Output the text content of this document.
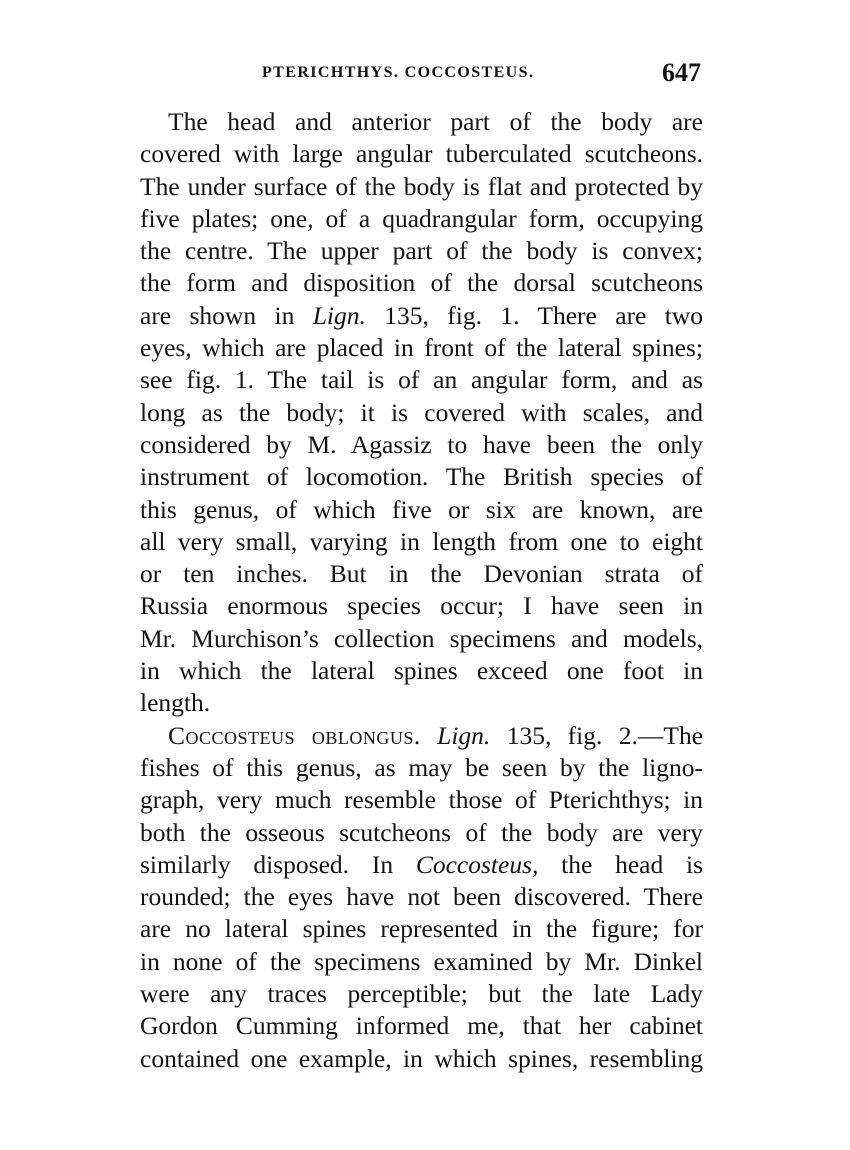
PTERICHTHYS. COCCOSTEUS.	647
The head and anterior part of the body are
covered with large angular tuberculated scutcheons.
The under surface of the body is flat and protected by
five plates; one, of a quadrangular form, occupying
the centre. The upper part of the body is convex;
the form and disposition of the dorsal scutcheons
are shown in Lign. 135, fig. 1. There are two
eyes, which are placed in front of the lateral spines;
see fig. 1. The tail is of an angular form, and as
long as the body; it is covered with scales, and
considered by M. Agassiz to have been the only
instrument of locomotion. The British species of
this genus, of which five or six are known, are
all very small, varying in length from one to eight
or ten inches. But in the Devonian strata of
Russia enormous species occur; I have seen in
Mr. Murchison’s collection specimens and models,
in which the lateral spines exceed one foot in
length.
Coccosteus oblongus. Lign. 135, fig. 2.—The
fishes of this genus, as may be seen by the ligno-
graph, very much resemble those of Pterichthys; in
both the osseous scutcheons of the body are very
similarly disposed. In Coccosteus, the head is
rounded; the eyes have not been discovered. There
are no lateral spines represented in the figure; for
in none of the specimens examined by Mr. Dinkel
were any traces perceptible; but the late Lady
Gordon Cumming informed me, that her cabinet
contained one example, in which spines, resembling
